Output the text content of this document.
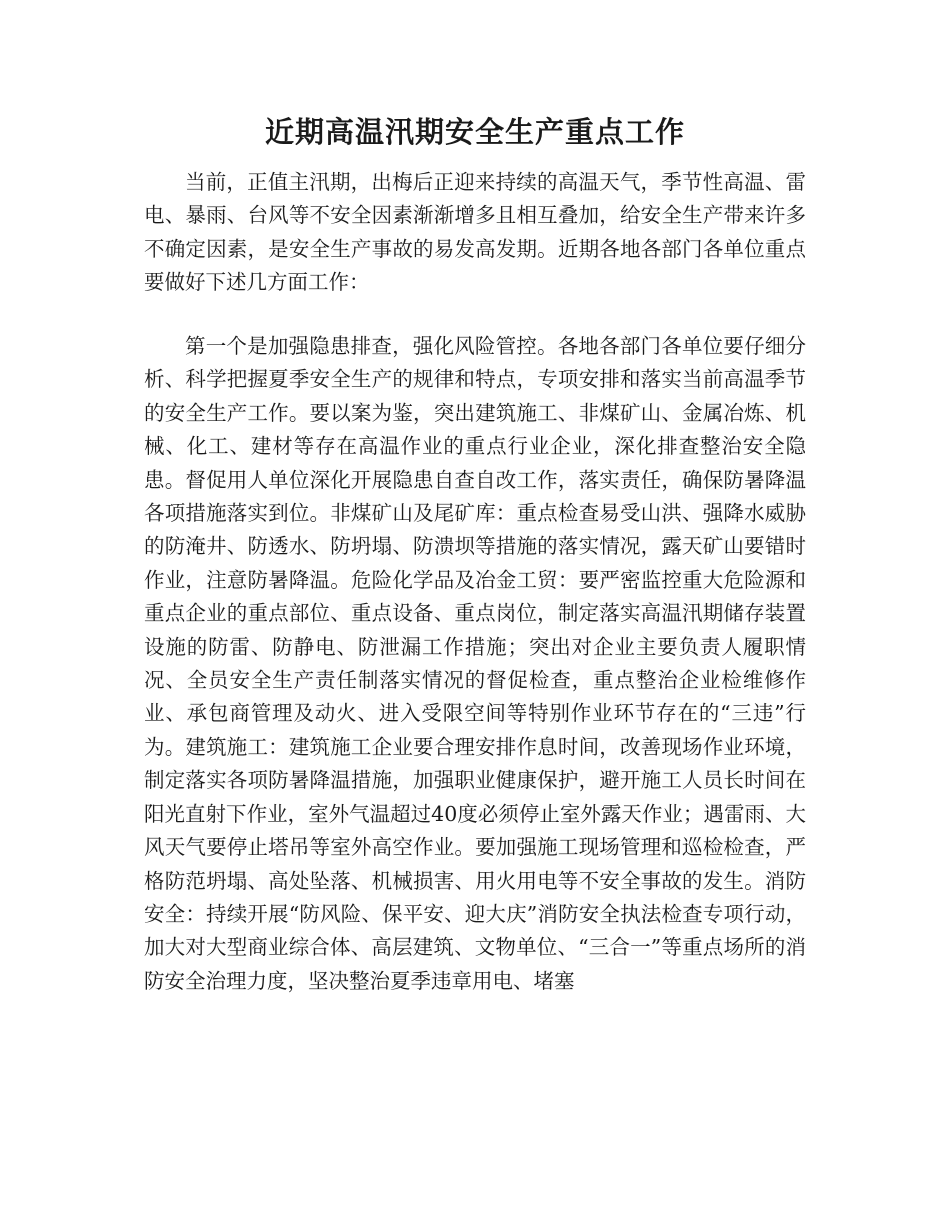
近期高温汛期安全生产重点工作

当前，正值主汛期，出梅后正迎来持续的高温天气，季节性高温、雷电、暴雨、台风等不安全因素渐渐增多且相互叠加，给安全生产带来许多不确定因素，是安全生产事故的易发高发期。近期各地各部门各单位重点要做好下述几方面工作：

第一个是加强隐患排查，强化风险管控。各地各部门各单位要仔细分析、科学把握夏季安全生产的规律和特点，专项安排和落实当前高温季节的安全生产工作。要以案为鉴，突出建筑施工、非煤矿山、金属冶炼、机械、化工、建材等存在高温作业的重点行业企业，深化排查整治安全隐患。督促用人单位深化开展隐患自查自改工作，落实责任，确保防暑降温各项措施落实到位。非煤矿山及尾矿库：重点检查易受山洪、强降水威胁的防淹井、防透水、防坍塌、防溃坝等措施的落实情况，露天矿山要错时作业，注意防暑降温。危险化学品及冶金工贸：要严密监控重大危险源和重点企业的重点部位、重点设备、重点岗位，制定落实高温汛期储存装置设施的防雷、防静电、防泄漏工作措施；突出对企业主要负责人履职情况、全员安全生产责任制落实情况的督促检查，重点整治企业检维修作业、承包商管理及动火、进入受限空间等特别作业环节存在的“三违”行为。建筑施工：建筑施工企业要合理安排作息时间，改善现场作业环境，制定落实各项防暑降温措施，加强职业健康保护，避开施工人员长时间在阳光直射下作业，室外气温超过40度必须停止室外露天作业；遇雷雨、大风天气要停止塔吊等室外高空作业。要加强施工现场管理和巡检检查，严格防范坍塌、高处坠落、机械损害、用火用电等不安全事故的发生。消防安全：持续开展“防风险、保平安、迎大庆”消防安全执法检查专项行动，加大对大型商业综合体、高层建筑、文物单位、“三合一”等重点场所的消防安全治理力度，坚决整治夏季违章用电、堵塞
